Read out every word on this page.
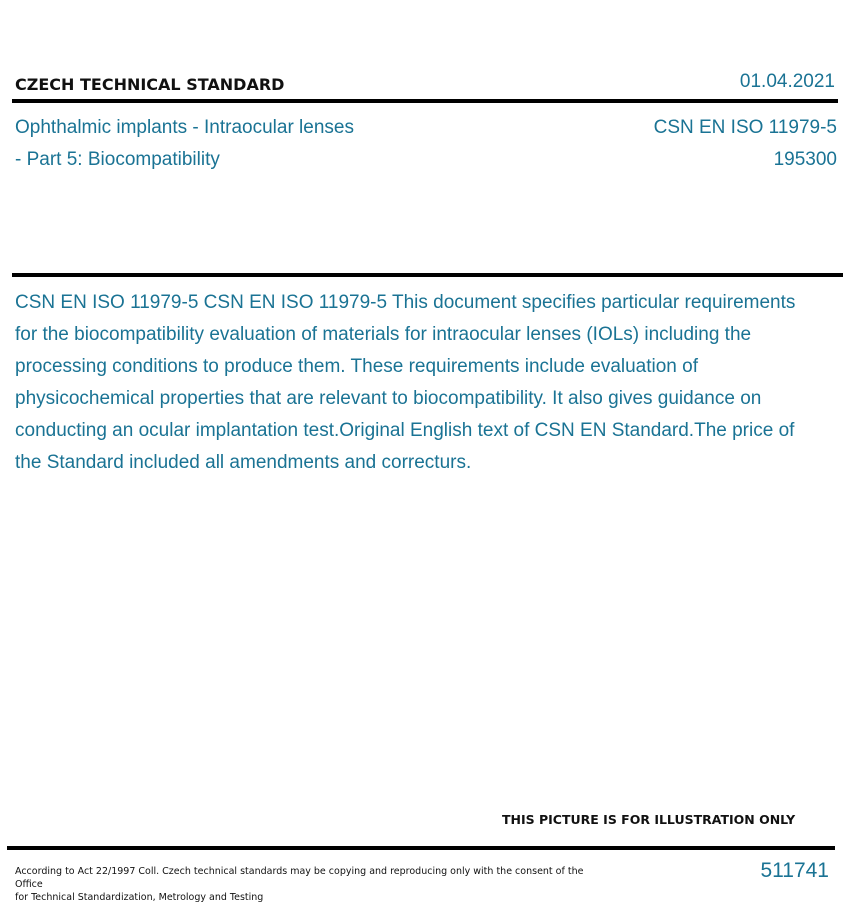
CZECH TECHNICAL STANDARD	01.04.2021
Ophthalmic implants - Intraocular lenses
- Part 5: Biocompatibility
CSN EN ISO 11979-5
195300
CSN EN ISO 11979-5 CSN EN ISO 11979-5 This document specifies particular requirements for the biocompatibility evaluation of materials for intraocular lenses (IOLs) including the processing conditions to produce them. These requirements include evaluation of physicochemical properties that are relevant to biocompatibility. It also gives guidance on conducting an ocular implantation test.Original English text of CSN EN Standard.The price of the Standard included all amendments and correcturs.
THIS PICTURE IS FOR ILLUSTRATION ONLY
According to Act 22/1997 Coll. Czech technical standards may be copying and reproducing only with the consent of the Office
for Technical Standardization, Metrology and Testing
511741
